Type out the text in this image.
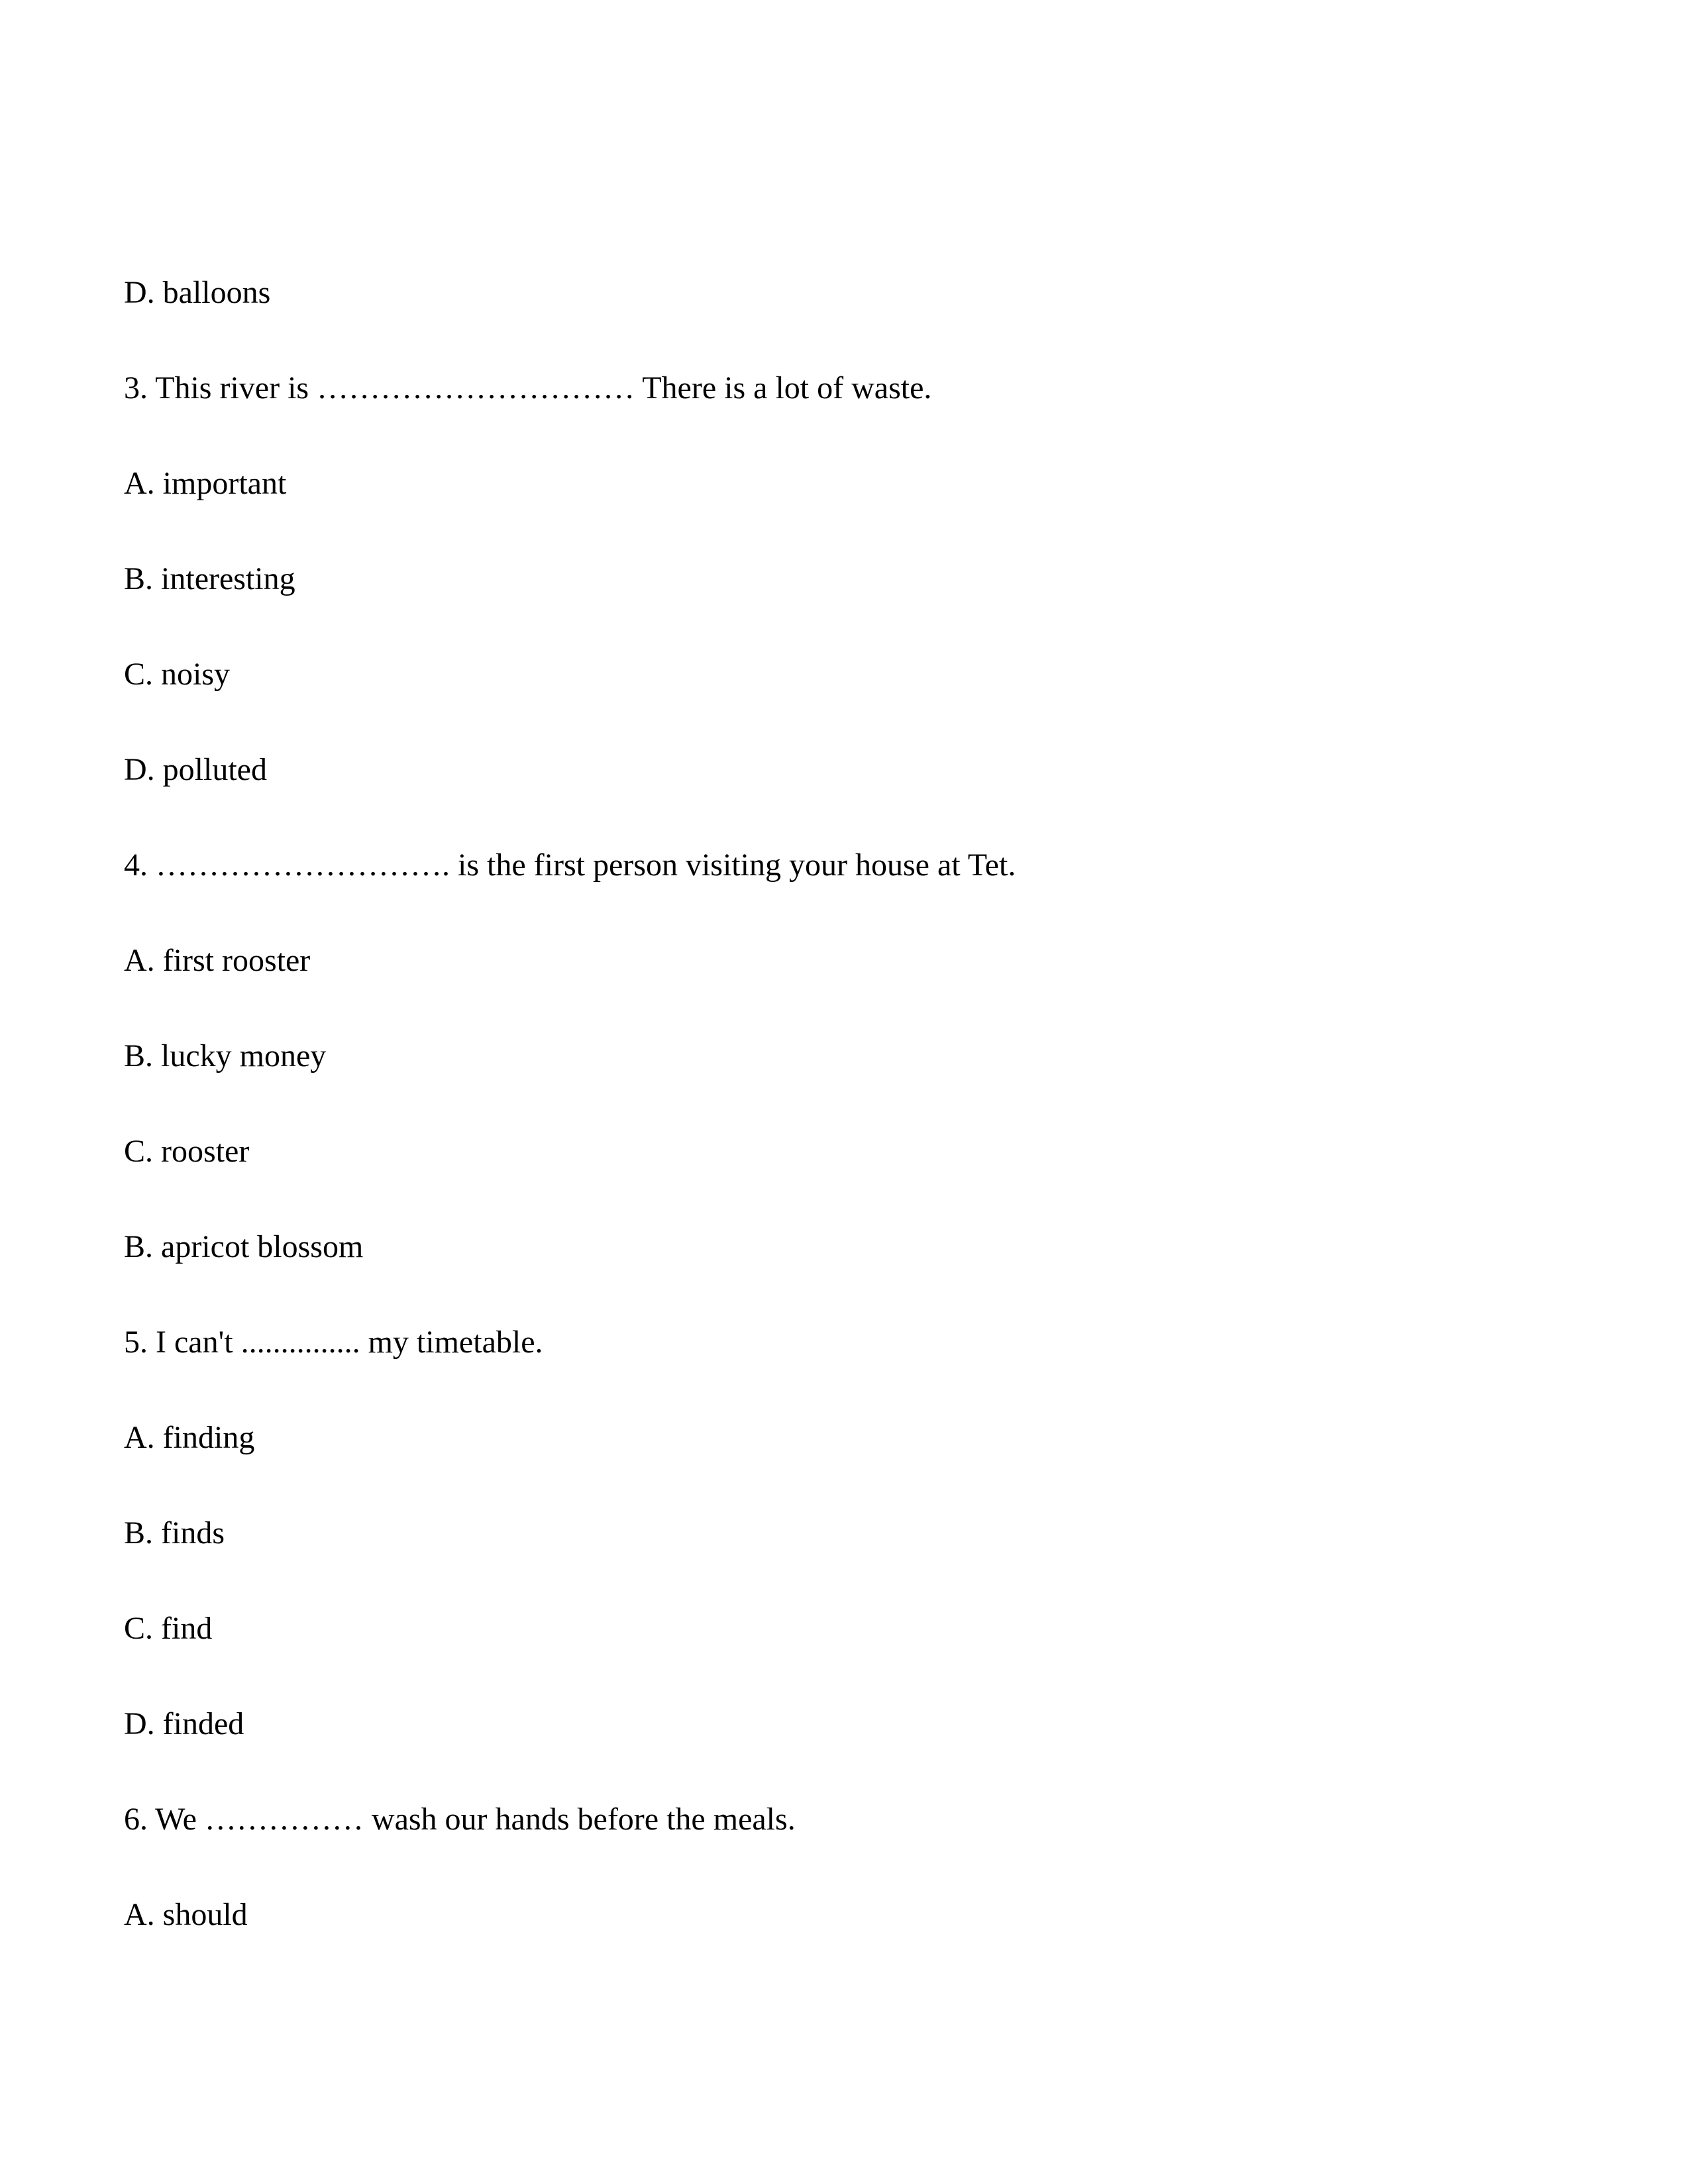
D. balloons

3. This river is ………………………… There is a lot of waste.

A. important

B. interesting

C. noisy

D. polluted

4. ………………………. is the first person visiting your house at Tet.

A. first rooster

B. lucky money

C. rooster

B. apricot blossom

5. I can't ............... my timetable.

A. finding

B. finds

C. find

D. finded

6. We …………… wash our hands before the meals.

A. should
